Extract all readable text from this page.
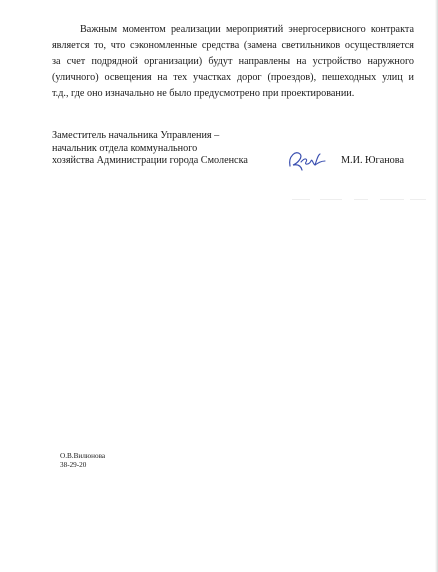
Важным моментом реализации мероприятий энергосервисного контракта
является то, что сэкономленные средства (замена светильников осуществляется
за счет подрядной организации) будут направлены на устройство наружного
(уличного) освещения на тех участках дорог (проездов), пешеходных улиц и
т.д., где оно изначально не было предусмотрено при проектировании.
Заместитель начальника Управления –
начальник отдела коммунального
хозяйства Администрации города Смоленска	М.И. Юганова
О.В.Вилюнова
38-29-20
